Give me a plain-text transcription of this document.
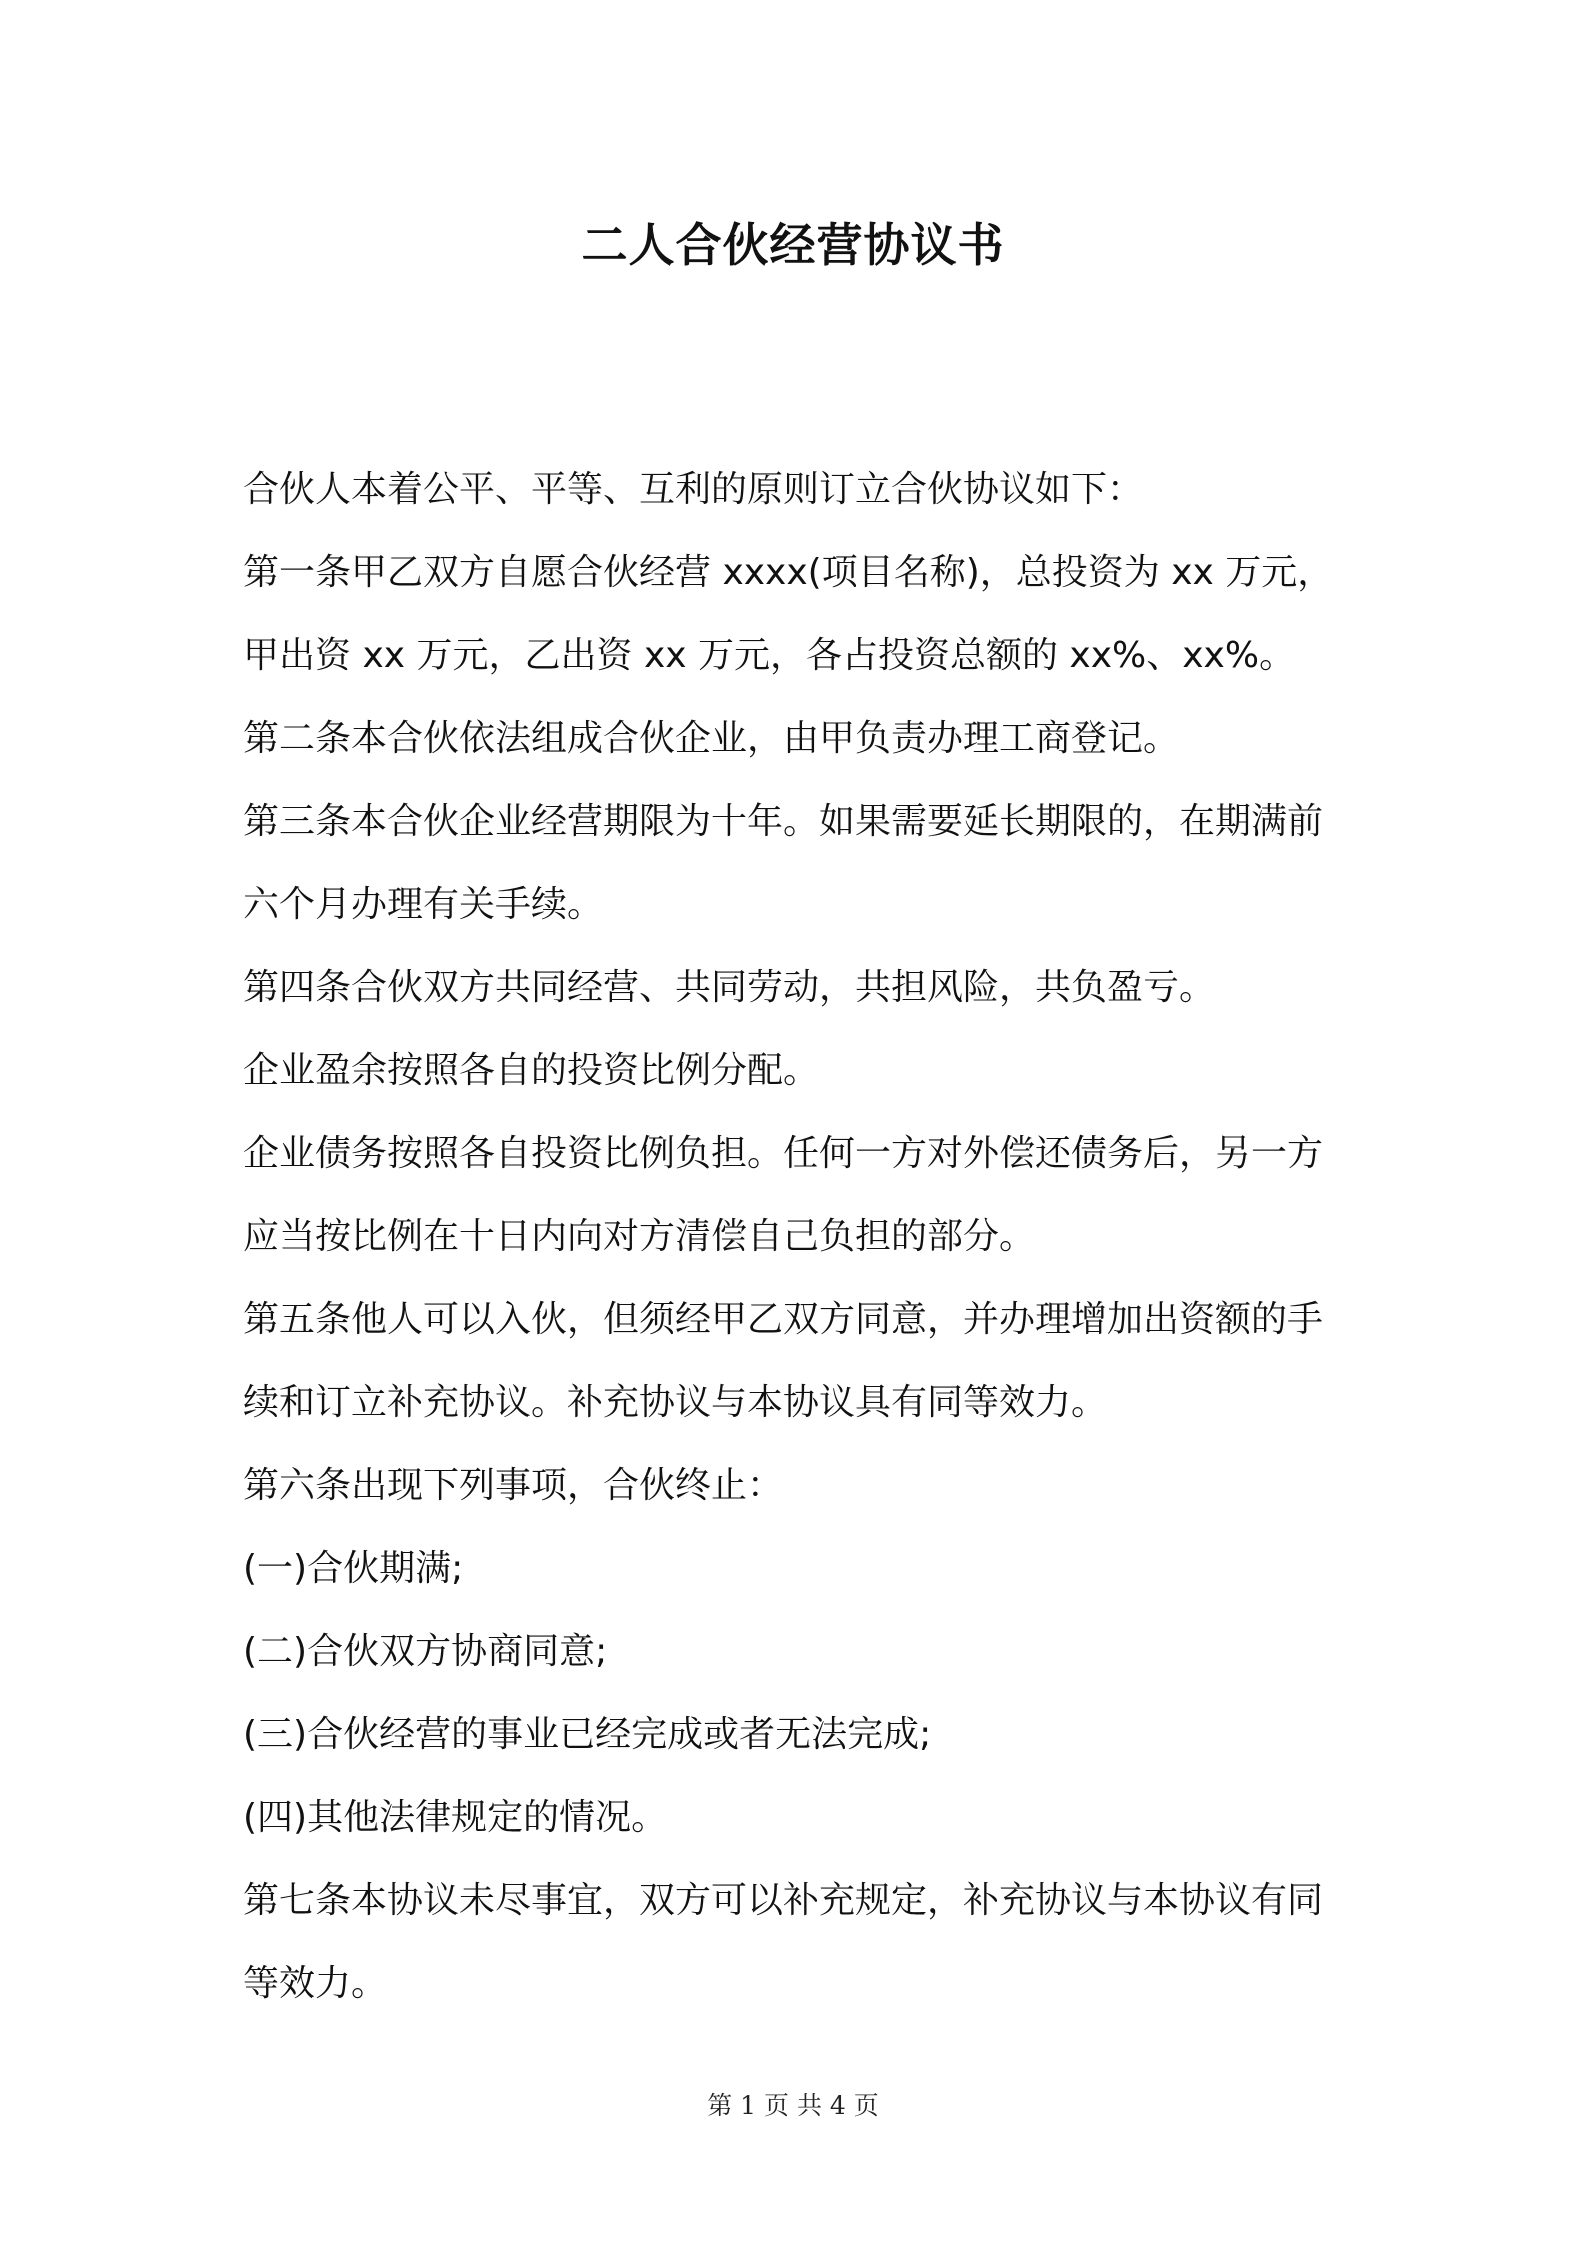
二人合伙经营协议书
合伙人本着公平、平等、互利的原则订立合伙协议如下：
第一条甲乙双方自愿合伙经营 xxxx(项目名称)，总投资为 xx 万元，
甲出资 xx 万元，乙出资 xx 万元，各占投资总额的 xx%、xx%。
第二条本合伙依法组成合伙企业，由甲负责办理工商登记。
第三条本合伙企业经营期限为十年。如果需要延长期限的，在期满前
六个月办理有关手续。
第四条合伙双方共同经营、共同劳动，共担风险，共负盈亏。
企业盈余按照各自的投资比例分配。
企业债务按照各自投资比例负担。任何一方对外偿还债务后，另一方
应当按比例在十日内向对方清偿自己负担的部分。
第五条他人可以入伙，但须经甲乙双方同意，并办理增加出资额的手
续和订立补充协议。补充协议与本协议具有同等效力。
第六条出现下列事项，合伙终止：
(一)合伙期满;
(二)合伙双方协商同意;
(三)合伙经营的事业已经完成或者无法完成;
(四)其他法律规定的情况。
第七条本协议未尽事宜，双方可以补充规定，补充协议与本协议有同
等效力。
第 1 页 共 4 页
